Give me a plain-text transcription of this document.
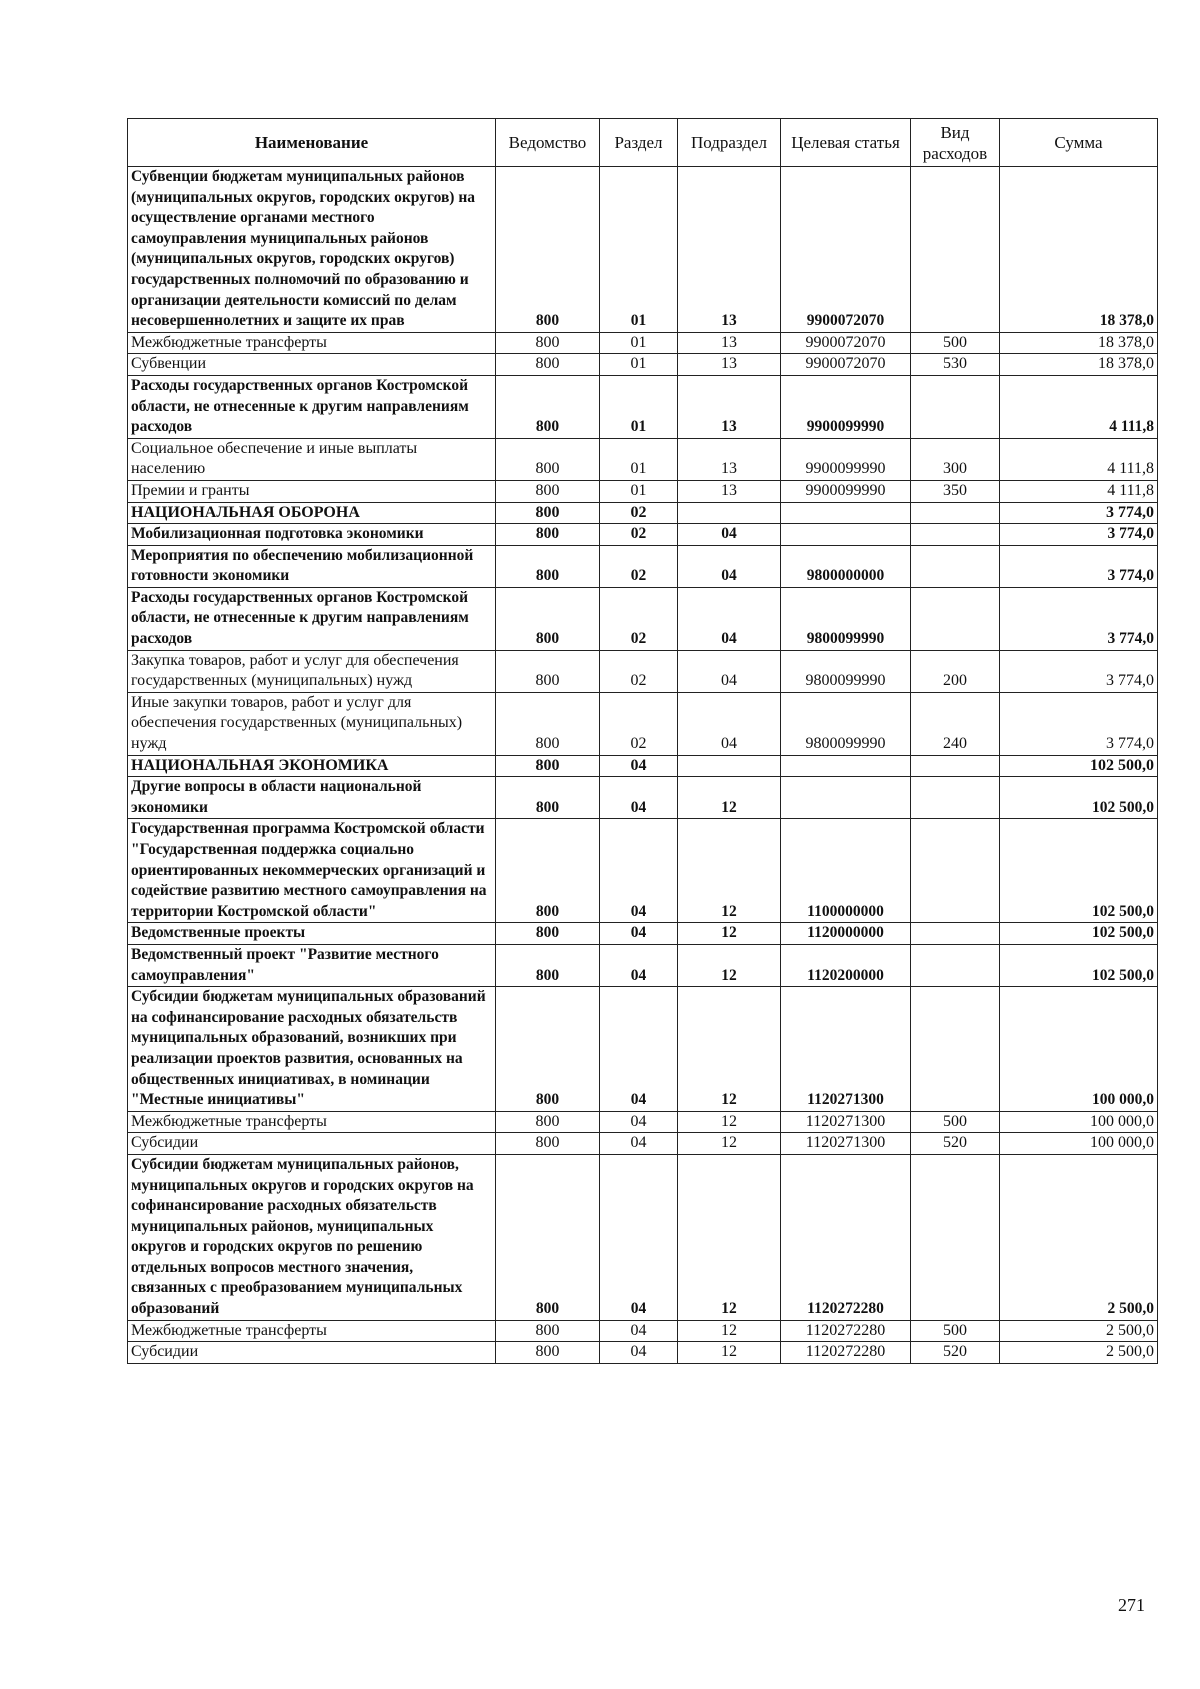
Наименование	Ведомство	Раздел	Подраздел	Целевая статья	Вид расходов	Сумма
Субвенции бюджетам муниципальных районов (муниципальных округов, городских округов) на осуществление органами местного самоуправления муниципальных районов (муниципальных округов, городских округов) государственных полномочий по образованию и организации деятельности комиссий по делам несовершеннолетних и защите их прав	800	01	13	9900072070		18 378,0
Межбюджетные трансферты	800	01	13	9900072070	500	18 378,0
Субвенции	800	01	13	9900072070	530	18 378,0
Расходы государственных органов Костромской области, не отнесенные к другим направлениям расходов	800	01	13	9900099990		4 111,8
Социальное обеспечение и иные выплаты населению	800	01	13	9900099990	300	4 111,8
Премии и гранты	800	01	13	9900099990	350	4 111,8
НАЦИОНАЛЬНАЯ ОБОРОНА	800	02				3 774,0
Мобилизационная подготовка экономики	800	02	04			3 774,0
Мероприятия по обеспечению мобилизационной готовности экономики	800	02	04	9800000000		3 774,0
Расходы государственных органов Костромской области, не отнесенные к другим направлениям расходов	800	02	04	9800099990		3 774,0
Закупка товаров, работ и услуг для обеспечения государственных (муниципальных) нужд	800	02	04	9800099990	200	3 774,0
Иные закупки товаров, работ и услуг для обеспечения государственных (муниципальных) нужд	800	02	04	9800099990	240	3 774,0
НАЦИОНАЛЬНАЯ ЭКОНОМИКА	800	04				102 500,0
Другие вопросы в области национальной экономики	800	04	12			102 500,0
Государственная программа Костромской области "Государственная поддержка социально ориентированных некоммерческих организаций и содействие развитию местного самоуправления на территории Костромской области"	800	04	12	1100000000		102 500,0
Ведомственные проекты	800	04	12	1120000000		102 500,0
Ведомственный проект "Развитие местного самоуправления"	800	04	12	1120200000		102 500,0
Субсидии бюджетам муниципальных образований на софинансирование расходных обязательств муниципальных образований, возникших при реализации проектов развития, основанных на общественных инициативах, в номинации "Местные инициативы"	800	04	12	1120271300		100 000,0
Межбюджетные трансферты	800	04	12	1120271300	500	100 000,0
Субсидии	800	04	12	1120271300	520	100 000,0
Субсидии бюджетам муниципальных районов, муниципальных округов и городских округов на софинансирование расходных обязательств муниципальных районов, муниципальных округов и городских округов по решению отдельных вопросов местного значения, связанных с преобразованием муниципальных образований	800	04	12	1120272280		2 500,0
Межбюджетные трансферты	800	04	12	1120272280	500	2 500,0
Субсидии	800	04	12	1120272280	520	2 500,0
271
